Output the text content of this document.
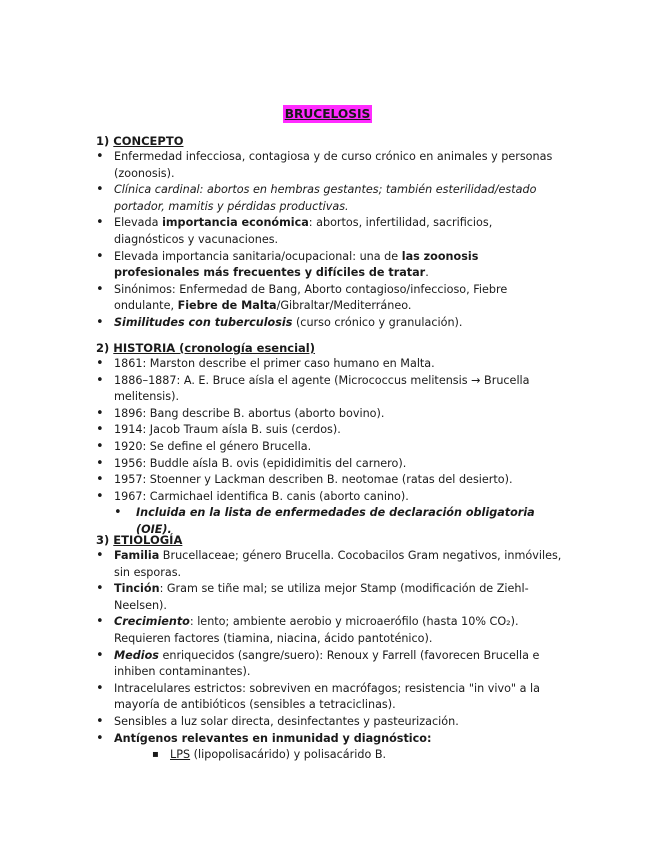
BRUCELOSIS
1) CONCEPTO
• Enfermedad infecciosa, contagiosa y de curso crónico en animales y personas (zoonosis).
• Clínica cardinal: abortos en hembras gestantes; también esterilidad/estado portador, mamitis y pérdidas productivas.
• Elevada importancia económica: abortos, infertilidad, sacrificios, diagnósticos y vacunaciones.
• Elevada importancia sanitaria/ocupacional: una de las zoonosis profesionales más frecuentes y difíciles de tratar.
• Sinónimos: Enfermedad de Bang, Aborto contagioso/infeccioso, Fiebre ondulante, Fiebre de Malta/Gibraltar/Mediterráneo.
• Similitudes con tuberculosis (curso crónico y granulación).
2) HISTORIA (cronología esencial)
• 1861: Marston describe el primer caso humano en Malta.
• 1886–1887: A. E. Bruce aísla el agente (Micrococcus melitensis → Brucella melitensis).
• 1896: Bang describe B. abortus (aborto bovino).
• 1914: Jacob Traum aísla B. suis (cerdos).
• 1920: Se define el género Brucella.
• 1956: Buddle aísla B. ovis (epididimitis del carnero).
• 1957: Stoenner y Lackman describen B. neotomae (ratas del desierto).
• 1967: Carmichael identifica B. canis (aborto canino).
• Incluida en la lista de enfermedades de declaración obligatoria (OIE).
3) ETIOLOGÍA
• Familia Brucellaceae; género Brucella. Cocobacilos Gram negativos, inmóviles, sin esporas.
• Tinción: Gram se tiñe mal; se utiliza mejor Stamp (modificación de Ziehl-Neelsen).
• Crecimiento: lento; ambiente aerobio y microaerófilo (hasta 10% CO₂). Requieren factores (tiamina, niacina, ácido pantoténico).
• Medios enriquecidos (sangre/suero): Renoux y Farrell (favorecen Brucella e inhiben contaminantes).
• Intracelulares estrictos: sobreviven en macrófagos; resistencia "in vivo" a la mayoría de antibióticos (sensibles a tetraciclinas).
• Sensibles a luz solar directa, desinfectantes y pasteurización.
• Antígenos relevantes en inmunidad y diagnóstico:
▪ LPS (lipopolisacárido) y polisacárido B.
